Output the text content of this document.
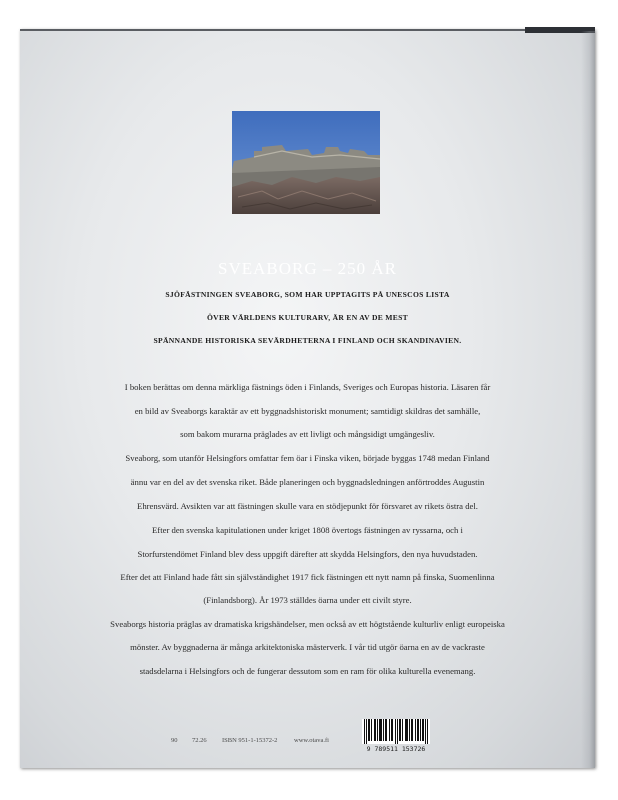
SVEABORG – 250 ÅR
SJÖFÄSTNINGEN SVEABORG, SOM HAR UPPTAGITS PÅ UNESCOS LISTA
ÖVER VÄRLDENS KULTURARV, ÄR EN AV DE MEST
SPÄNNANDE HISTORISKA SEVÄRDHETERNA I FINLAND OCH SKANDINAVIEN.
I boken berättas om denna märkliga fästnings öden i Finlands, Sveriges och Europas historia. Läsaren får
en bild av Sveaborgs karaktär av ett byggnadshistoriskt monument; samtidigt skildras det samhälle,
som bakom murarna präglades av ett livligt och mångsidigt umgängesliv.
Sveaborg, som utanför Helsingfors omfattar fem öar i Finska viken, började byggas 1748 medan Finland
ännu var en del av det svenska riket. Både planeringen och byggnadsledningen anförtroddes Augustin
Ehrensvärd. Avsikten var att fästningen skulle vara en stödjepunkt för försvaret av rikets östra del.
Efter den svenska kapitulationen under kriget 1808 övertogs fästningen av ryssarna, och i
Storfurstendömet Finland blev dess uppgift därefter att skydda Helsingfors, den nya huvudstaden.
Efter det att Finland hade fått sin självständighet 1917 fick fästningen ett nytt namn på finska, Suomenlinna
(Finlandsborg). År 1973 ställdes öarna under ett civilt styre.
Sveaborgs historia präglas av dramatiska krigshändelser, men också av ett högtstående kulturliv enligt europeiska
mönster. Av byggnaderna är många arkitektoniska mästerverk. I vår tid utgör öarna en av de vackraste
stadsdelarna i Helsingfors och de fungerar dessutom som en ram för olika kulturella evenemang.
90 72.26 ISBN 951-1-15372-2	www.otava.fi
9 789511 153726
